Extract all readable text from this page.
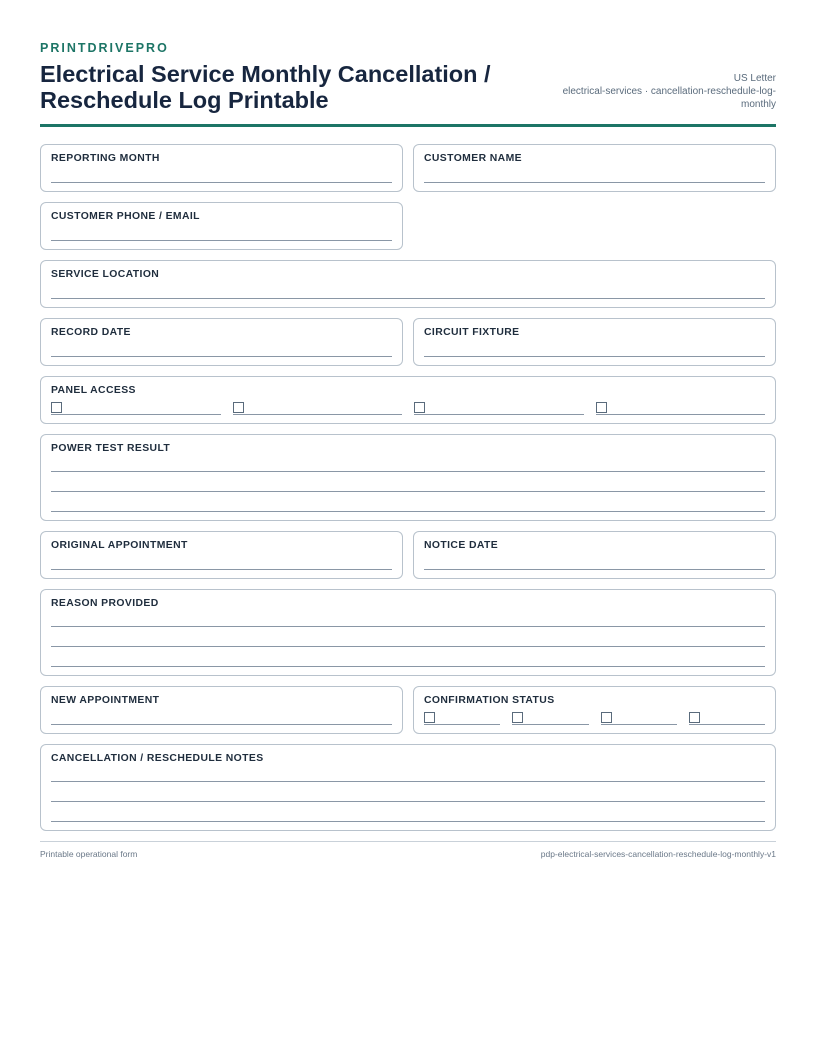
PRINTDRIVEPRO
Electrical Service Monthly Cancellation / Reschedule Log Printable
US Letter
electrical-services · cancellation-reschedule-log-monthly
REPORTING MONTH	CUSTOMER NAME
CUSTOMER PHONE / EMAIL
SERVICE LOCATION
RECORD DATE	CIRCUIT FIXTURE
PANEL ACCESS
POWER TEST RESULT
ORIGINAL APPOINTMENT	NOTICE DATE
REASON PROVIDED
NEW APPOINTMENT	CONFIRMATION STATUS
CANCELLATION / RESCHEDULE NOTES
Printable operational form	pdp-electrical-services-cancellation-reschedule-log-monthly-v1
